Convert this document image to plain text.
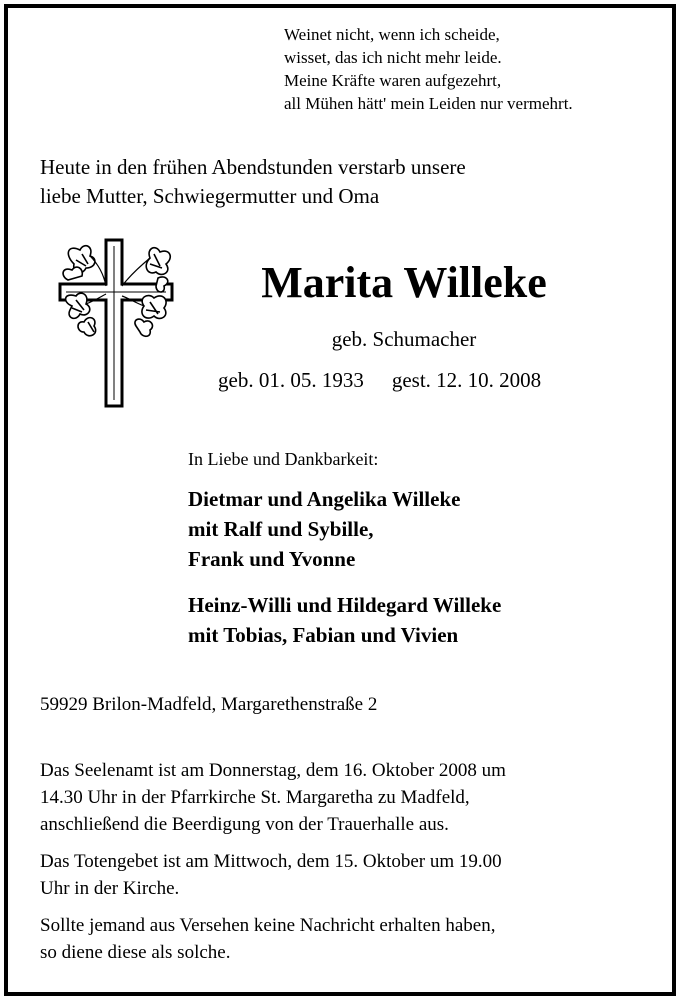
Weinet nicht, wenn ich scheide,
wisset, das ich nicht mehr leide.
Meine Kräfte waren aufgezehrt,
all Mühen hätt' mein Leiden nur vermehrt.
Heute in den frühen Abendstunden verstarb unsere
liebe Mutter, Schwiegermutter und Oma
Marita Willeke
geb. Schumacher
geb. 01. 05. 1933 gest. 12. 10. 2008
In Liebe und Dankbarkeit:
Dietmar und Angelika Willeke
mit Ralf und Sybille,
Frank und Yvonne
Heinz-Willi und Hildegard Willeke
mit Tobias, Fabian und Vivien
59929 Brilon-Madfeld, Margarethenstraße 2
Das Seelenamt ist am Donnerstag, dem 16. Oktober 2008 um
14.30 Uhr in der Pfarrkirche St. Margaretha zu Madfeld,
anschließend die Beerdigung von der Trauerhalle aus.
Das Totengebet ist am Mittwoch, dem 15. Oktober um 19.00
Uhr in der Kirche.
Sollte jemand aus Versehen keine Nachricht erhalten haben,
so diene diese als solche.
